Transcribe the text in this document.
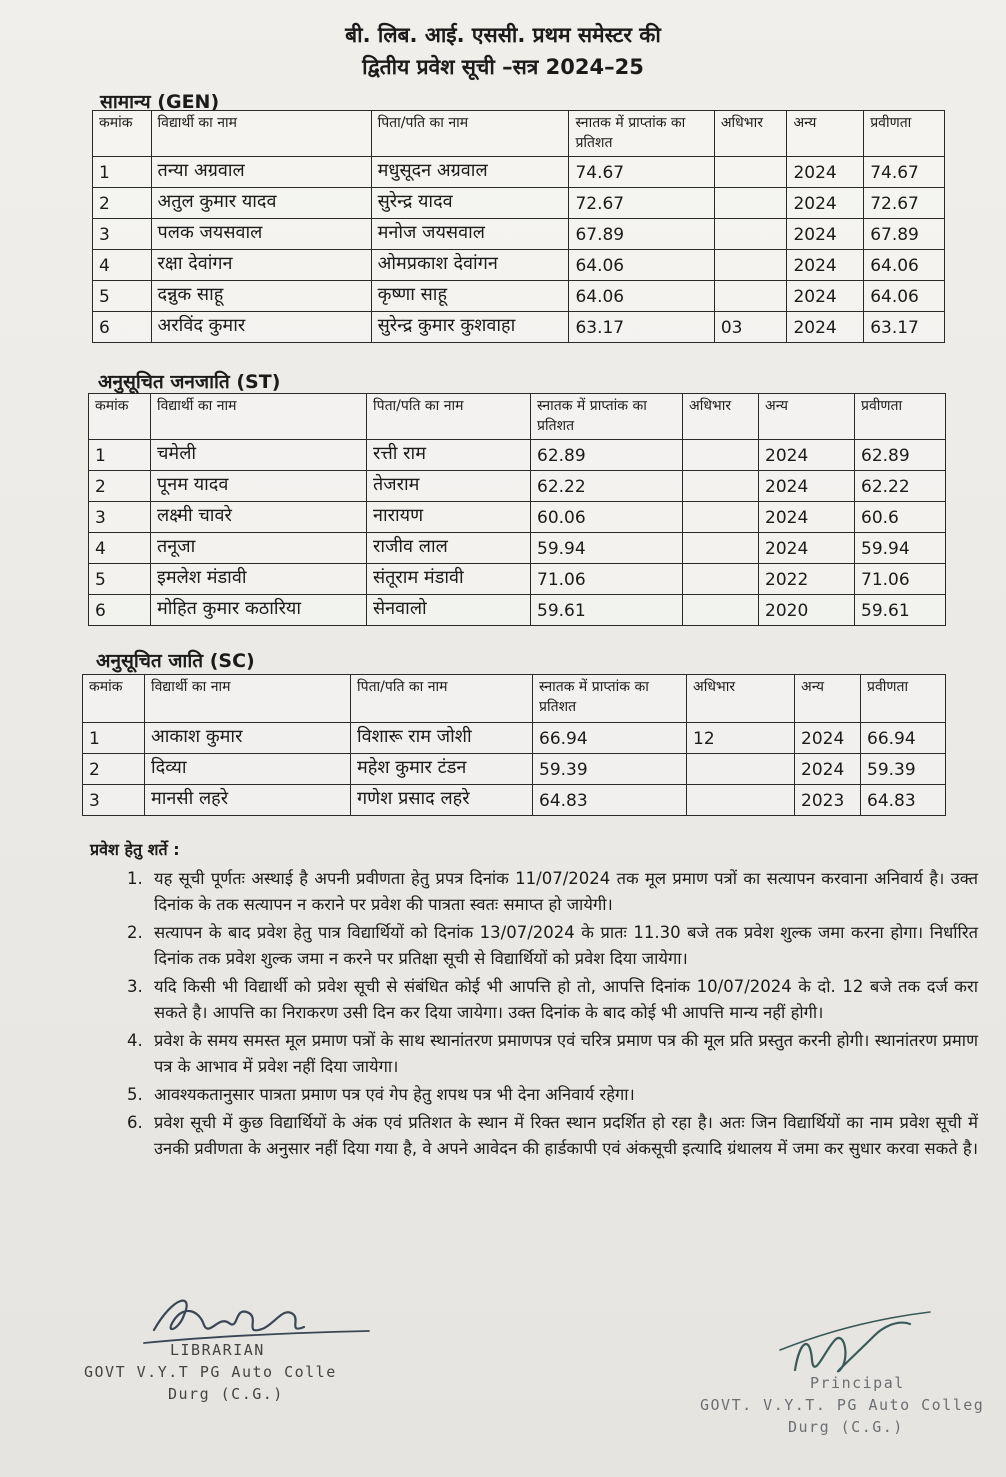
बी. लिब. आई. एससी. प्रथम समेस्टर की
द्वितीय प्रवेश सूची –सत्र 2024–25
सामान्य (GEN)
कमांक	विद्यार्थी का नाम	पिता/पति का नाम	स्नातक में प्राप्तांक का प्रतिशत	अधिभार	अन्य	प्रवीणता
1	तन्या अग्रवाल	मधुसूदन अग्रवाल	74.67		2024	74.67
2	अतुल कुमार यादव	सुरेन्द्र यादव	72.67		2024	72.67
3	पलक जयसवाल	मनोज जयसवाल	67.89		2024	67.89
4	रक्षा देवांगन	ओमप्रकाश देवांगन	64.06		2024	64.06
5	दन्नुक साहू	कृष्णा साहू	64.06		2024	64.06
6	अरविंद कुमार	सुरेन्द्र कुमार कुशवाहा	63.17	03	2024	63.17
अनुसूचित जनजाति (ST)
कमांक	विद्यार्थी का नाम	पिता/पति का नाम	स्नातक में प्राप्तांक का प्रतिशत	अधिभार	अन्य	प्रवीणता
1	चमेली	रत्ती राम	62.89		2024	62.89
2	पूनम यादव	तेजराम	62.22		2024	62.22
3	लक्ष्मी चावरे	नारायण	60.06		2024	60.6
4	तनूजा	राजीव लाल	59.94		2024	59.94
5	इमलेश मंडावी	संतूराम मंडावी	71.06		2022	71.06
6	मोहित कुमार कठारिया	सेनवालो	59.61		2020	59.61
अनुसूचित जाति (SC)
कमांक	विद्यार्थी का नाम	पिता/पति का नाम	स्नातक में प्राप्तांक का प्रतिशत	अधिभार	अन्य	प्रवीणता
1	आकाश कुमार	विशारू राम जोशी	66.94	12	2024	66.94
2	दिव्या	महेश कुमार टंडन	59.39		2024	59.39
3	मानसी लहरे	गणेश प्रसाद लहरे	64.83		2023	64.83
प्रवेश हेतु शर्ते :
1. यह सूची पूर्णतः अस्थाई है अपनी प्रवीणता हेतु प्रपत्र दिनांक 11/07/2024 तक मूल प्रमाण पत्रों का सत्यापन करवाना अनिवार्य है। उक्त दिनांक के तक सत्यापन न कराने पर प्रवेश की पात्रता स्वतः समाप्त हो जायेगी।
2. सत्यापन के बाद प्रवेश हेतु पात्र विद्यार्थियों को दिनांक 13/07/2024 के प्रातः 11.30 बजे तक प्रवेश शुल्क जमा करना होगा। निर्धारित दिनांक तक प्रवेश शुल्क जमा न करने पर प्रतिक्षा सूची से विद्यार्थियों को प्रवेश दिया जायेगा।
3. यदि किसी भी विद्यार्थी को प्रवेश सूची से संबंधित कोई भी आपत्ति हो तो, आपत्ति दिनांक 10/07/2024 के दो. 12 बजे तक दर्ज करा सकते है। आपत्ति का निराकरण उसी दिन कर दिया जायेगा। उक्त दिनांक के बाद कोई भी आपत्ति मान्य नहीं होगी।
4. प्रवेश के समय समस्त मूल प्रमाण पत्रों के साथ स्थानांतरण प्रमाणपत्र एवं चरित्र प्रमाण पत्र की मूल प्रति प्रस्तुत करनी होगी। स्थानांतरण प्रमाण पत्र के आभाव में प्रवेश नहीं दिया जायेगा।
5. आवश्यकतानुसार पात्रता प्रमाण पत्र एवं गेप हेतु शपथ पत्र भी देना अनिवार्य रहेगा।
6. प्रवेश सूची में कुछ विद्यार्थियों के अंक एवं प्रतिशत के स्थान में रिक्त स्थान प्रदर्शित हो रहा है। अतः जिन विद्यार्थियों का नाम प्रवेश सूची में उनकी प्रवीणता के अनुसार नहीं दिया गया है, वे अपने आवेदन की हार्डकापी एवं अंकसूची इत्यादि ग्रंथालय में जमा कर सुधार करवा सकते है।
LIBRARIAN
GOVT V.Y.T PG Auto Colle
Durg (C.G.)
Principal
GOVT. V.Y.T. PG Auto Colleg
Durg (C.G.)
